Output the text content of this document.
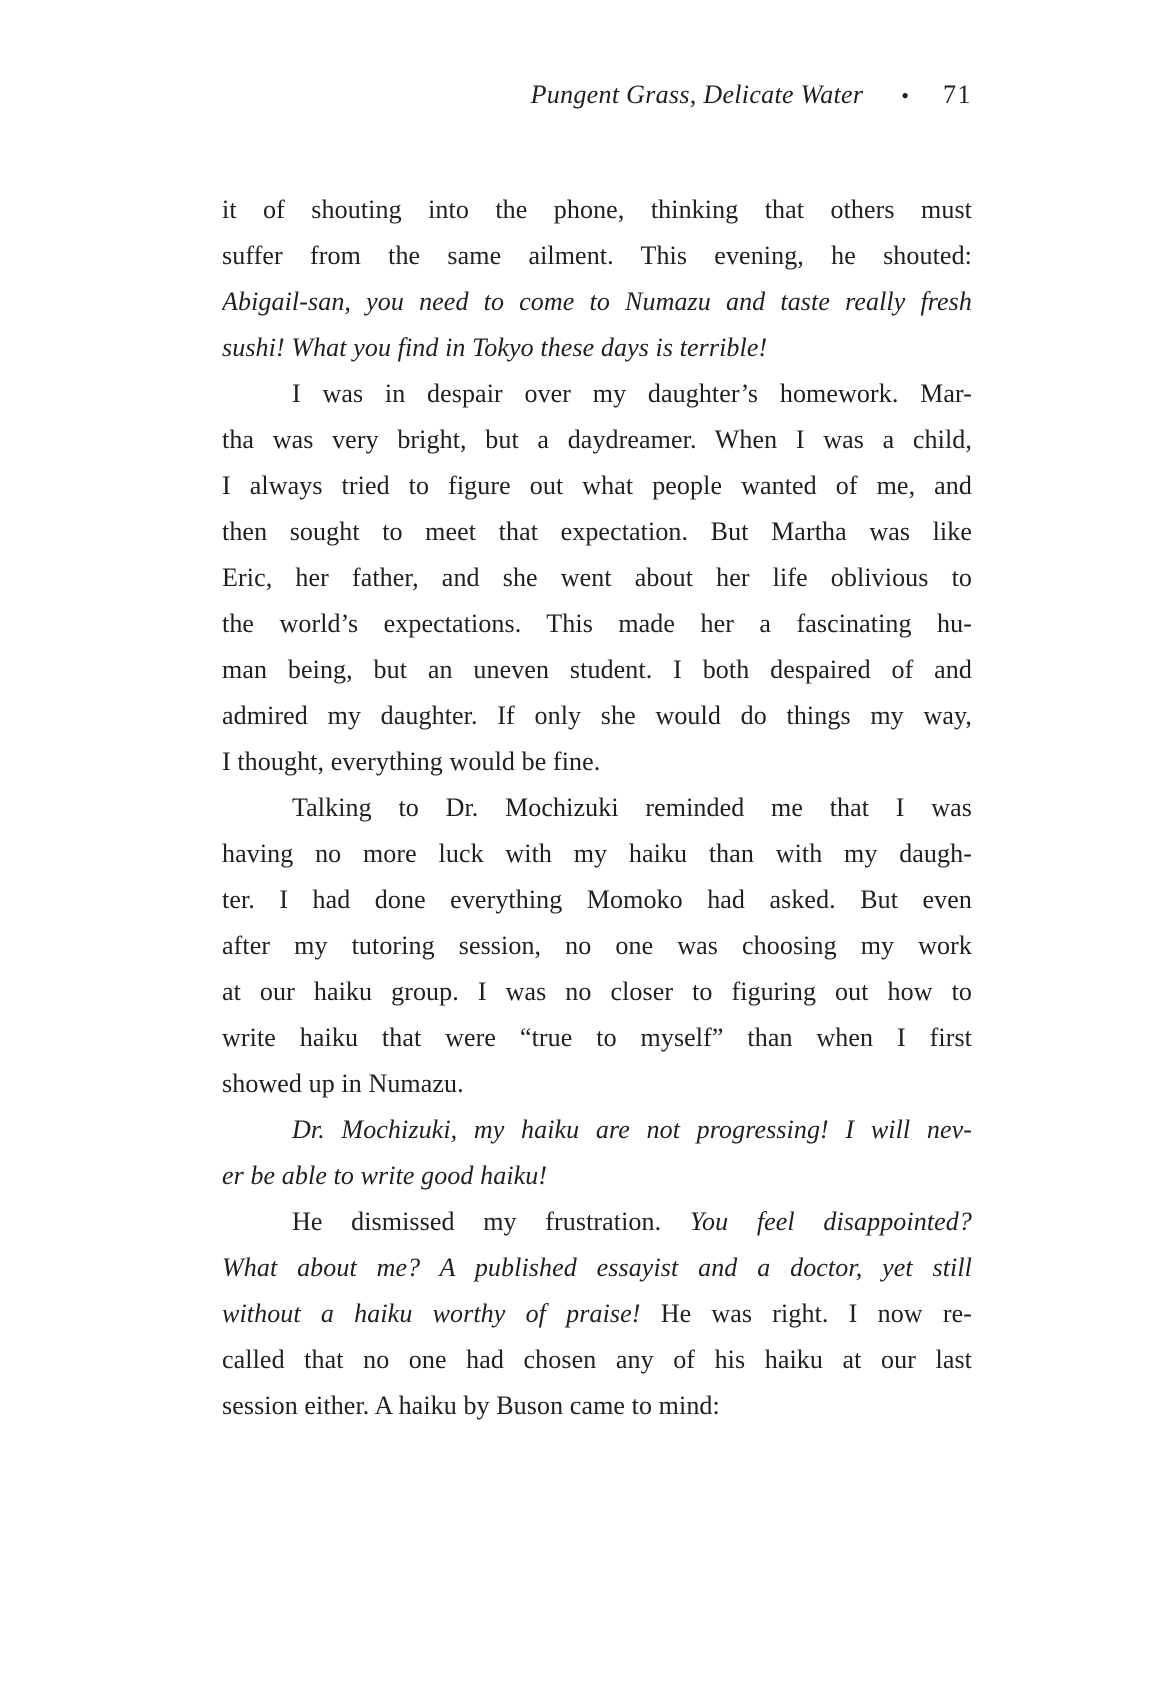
Pungent Grass, Delicate Water • 71
it of shouting into the phone, thinking that others must
suffer from the same ailment. This evening, he shouted:
Abigail-san, you need to come to Numazu and taste really fresh
sushi! What you find in Tokyo these days is terrible!
I was in despair over my daughter’s homework. Mar-
tha was very bright, but a daydreamer. When I was a child,
I always tried to figure out what people wanted of me, and
then sought to meet that expectation. But Martha was like
Eric, her father, and she went about her life oblivious to
the world’s expectations. This made her a fascinating hu-
man being, but an uneven student. I both despaired of and
admired my daughter. If only she would do things my way,
I thought, everything would be fine.
Talking to Dr. Mochizuki reminded me that I was
having no more luck with my haiku than with my daugh-
ter. I had done everything Momoko had asked. But even
after my tutoring session, no one was choosing my work
at our haiku group. I was no closer to figuring out how to
write haiku that were “true to myself” than when I first
showed up in Numazu.
Dr. Mochizuki, my haiku are not progressing! I will nev-
er be able to write good haiku!
He dismissed my frustration. You feel disappointed?
What about me? A published essayist and a doctor, yet still
without a haiku worthy of praise! He was right. I now re-
called that no one had chosen any of his haiku at our last
session either. A haiku by Buson came to mind:
